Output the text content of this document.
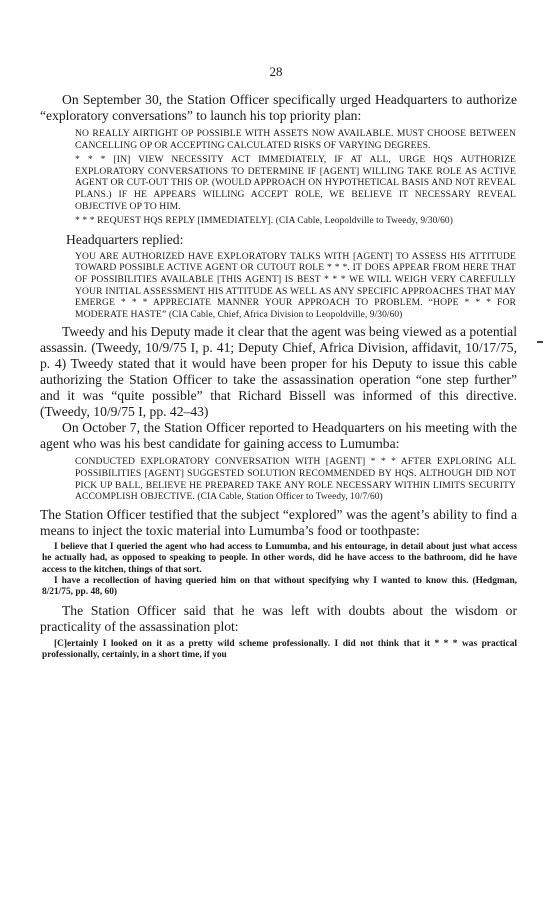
28

On September 30, the Station Officer specifically urged Headquarters to authorize “exploratory conversations” to launch his top priority plan:

NO REALLY AIRTIGHT OP POSSIBLE WITH ASSETS NOW AVAILABLE. MUST CHOOSE BETWEEN CANCELLING OP OR ACCEPTING CALCULATED RISKS OF VARYING DEGREES.

* * * [IN] VIEW NECESSITY ACT IMMEDIATELY, IF AT ALL, URGE HQS AUTHORIZE EXPLORATORY CONVERSATIONS TO DETERMINE IF [AGENT] WILLING TAKE ROLE AS ACTIVE AGENT OR CUT-OUT THIS OP. (WOULD APPROACH ON HYPOTHETICAL BASIS AND NOT REVEAL PLANS.) IF HE APPEARS WILLING ACCEPT ROLE, WE BELIEVE IT NECESSARY REVEAL OBJECTIVE OP TO HIM.

* * * REQUEST HQS REPLY [IMMEDIATELY]. (CIA Cable, Leopoldville to Tweedy, 9/30/60)

Headquarters replied:

YOU ARE AUTHORIZED HAVE EXPLORATORY TALKS WITH [AGENT] TO ASSESS HIS ATTITUDE TOWARD POSSIBLE ACTIVE AGENT OR CUTOUT ROLE * * *. IT DOES APPEAR FROM HERE THAT OF POSSIBILITIES AVAILABLE [THIS AGENT] IS BEST * * * WE WILL WEIGH VERY CAREFULLY YOUR INITIAL ASSESSMENT HIS ATTITUDE AS WELL AS ANY SPECIFIC APPROACHES THAT MAY EMERGE * * * APPRECIATE MANNER YOUR APPROACH TO PROBLEM. “HOPE * * * FOR MODERATE HASTE” (CIA Cable, Chief, Africa Division to Leopoldville, 9/30/60)

Tweedy and his Deputy made it clear that the agent was being viewed as a potential assassin. (Tweedy, 10/9/75 I, p. 41; Deputy Chief, Africa Division, affidavit, 10/17/75, p. 4) Tweedy stated that it would have been proper for his Deputy to issue this cable authorizing the Station Officer to take the assassination operation “one step further” and it was “quite possible” that Richard Bissell was informed of this directive. (Tweedy, 10/9/75 I, pp. 42–43)

On October 7, the Station Officer reported to Headquarters on his meeting with the agent who was his best candidate for gaining access to Lumumba:

CONDUCTED EXPLORATORY CONVERSATION WITH [AGENT] * * * AFTER EXPLORING ALL POSSIBILITIES [AGENT] SUGGESTED SOLUTION RECOMMENDED BY HQS. ALTHOUGH DID NOT PICK UP BALL, BELIEVE HE PREPARED TAKE ANY ROLE NECESSARY WITHIN LIMITS SECURITY ACCOMPLISH OBJECTIVE. (CIA Cable, Station Officer to Tweedy, 10/7/60)

The Station Officer testified that the subject “explored” was the agent’s ability to find a means to inject the toxic material into Lumumba’s food or toothpaste:

I believe that I queried the agent who had access to Lumumba, and his entourage, in detail about just what access he actually had, as opposed to speaking to people. In other words, did he have access to the bathroom, did he have access to the kitchen, things of that sort.

I have a recollection of having queried him on that without specifying why I wanted to know this. (Hedgman, 8/21/75, pp. 48, 60)

The Station Officer said that he was left with doubts about the wisdom or practicality of the assassination plot:

[C]ertainly I looked on it as a pretty wild scheme professionally. I did not think that it * * * was practical professionally, certainly, in a short time, if you
